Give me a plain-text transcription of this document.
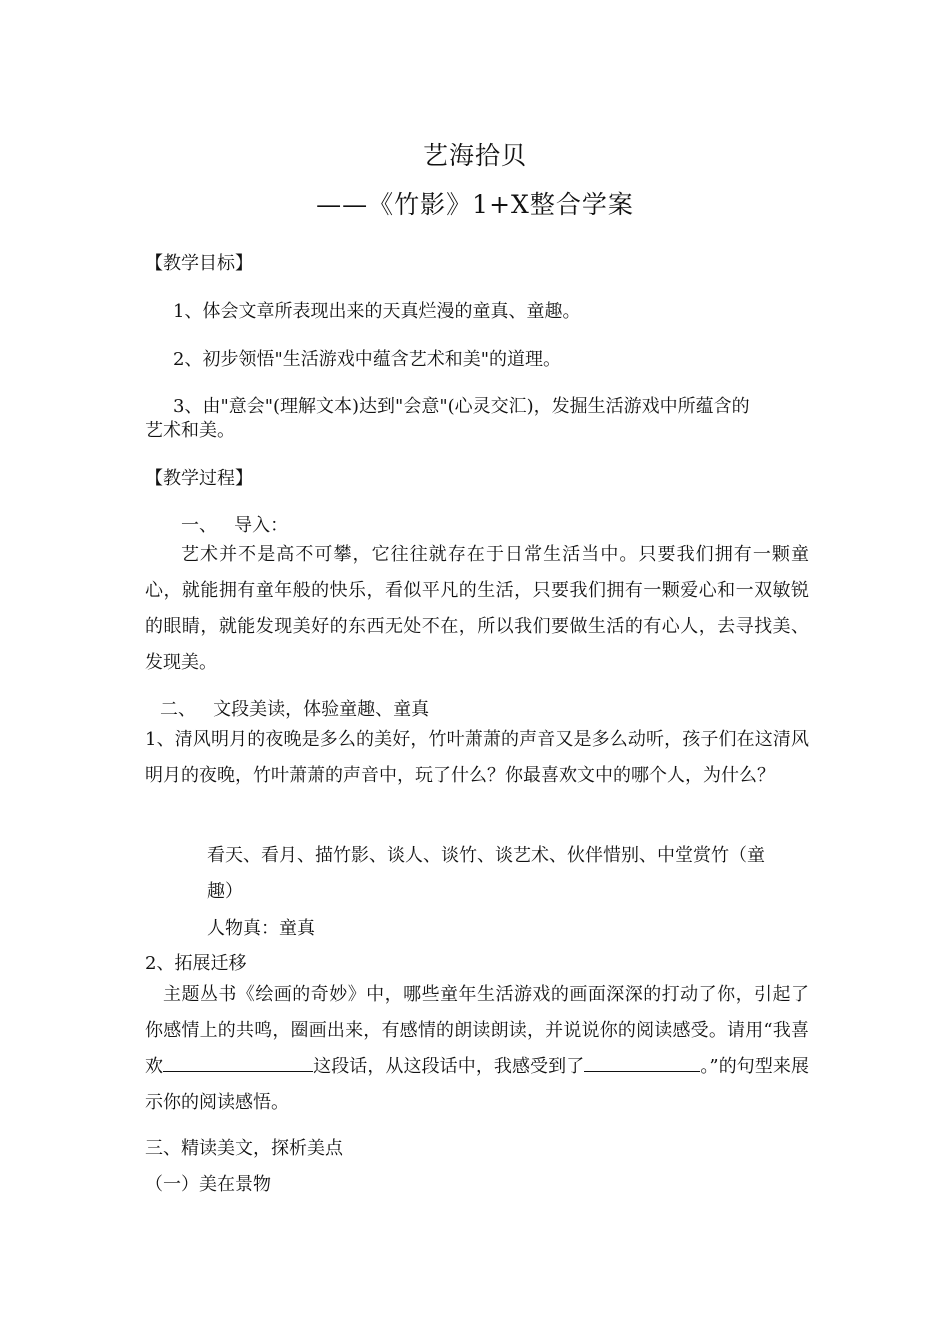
艺海拾贝
——《竹影》1+X整合学案
【教学目标】
1、体会文章所表现出来的天真烂漫的童真、童趣。
2、初步领悟"生活游戏中蕴含艺术和美"的道理。
3、由"意会"(理解文本)达到"会意"(心灵交汇)，发掘生活游戏中所蕴含的
艺术和美。
【教学过程】
一、   导入：
艺术并不是高不可攀，它往往就存在于日常生活当中。只要我们拥有一颗童心，就能拥有童年般的快乐，看似平凡的生活，只要我们拥有一颗爱心和一双敏锐的眼睛，就能发现美好的东西无处不在，所以我们要做生活的有心人，去寻找美、发现美。
二、   文段美读，体验童趣、童真
1、清风明月的夜晚是多么的美好，竹叶萧萧的声音又是多么动听，孩子们在这清风明月的夜晚，竹叶萧萧的声音中，玩了什么？你最喜欢文中的哪个人，为什么？
看天、看月、描竹影、谈人、谈竹、谈艺术、伙伴惜别、中堂赏竹（童
趣）
人物真：童真
2、拓展迁移
主题丛书《绘画的奇妙》中，哪些童年生活游戏的画面深深的打动了你，引起了你感情上的共鸣，圈画出来，有感情的朗读朗读，并说说你的阅读感受。请用“我喜欢	这段话，从这段话中，我感受到了	。”的句型来展示你的阅读感悟。
三、精读美文，探析美点
（一）美在景物
